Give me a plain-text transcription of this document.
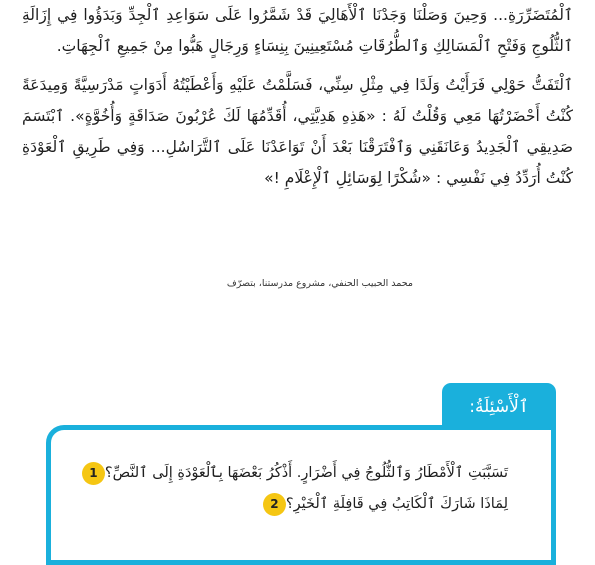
ٱلْمُتَضَرِّرَةِ... وَحِينَ وَصَلْنَا وَجَدْنَا ٱلْأَهَالِيَ قَدْ شَمَّرُوا عَلَى سَوَاعِدِ ٱلْجِدِّ وَبَدَؤُوا فِي إِزَالَةِ ٱلثُّلُوجِ وَفَتْحِ ٱلْمَسَالِكِ وَٱلطُّرُقَاتِ مُسْتَعِينِينَ بِنِسَاءٍ وَرِجَالٍ هَبُّوا مِنْ جَمِيعِ ٱلْجِهَاتِ.

ٱلْتَفَتُّ حَوْلِي فَرَأَيْتُ وَلَدًا فِي مِثْلِ سِنِّي، فَسَلَّمْتُ عَلَيْهِ وَأَعْطَيْتُهُ أَدَوَاتٍ مَدْرَسِيَّةً وَمِيدَعَةً كُنْتُ أَحْضَرْتُهَا مَعِي وَقُلْتُ لَهُ : «هَذِهِ هَدِيَّتِي، أُقَدِّمُهَا لَكَ عُرْبُونَ صَدَاقَةٍ وَأُخُوَّةٍ». ٱبْتَسَمَ صَدِيقِي ٱلْجَدِيدُ وَعَانَقَنِي وَٱفْتَرَقْنَا بَعْدَ أَنْ تَوَاعَدْنَا عَلَى ٱلتَّرَاسُلِ... وَفِي طَرِيقِ ٱلْعَوْدَةِ كُنْتُ أُرَدِّدُ فِي نَفْسِي : «شُكْرًا لِوَسَائِلِ ٱلْإِعْلَامِ !»

محمد الحبيب الحنفي، مشروع مدرستنا، بتصرّف
1 تَسَبَّبَتِ ٱلْأَمْطَارُ وَٱلثُّلُوجُ فِي أَضْرَارٍ. أَذْكُرُ بَعْضَهَا بِٱلْعَوْدَةِ إِلَى ٱلنَّصِّ؟
2 لِمَاذَا شَارَكَ ٱلْكَاتِبُ فِي قَافِلَةِ ٱلْخَيْرِ؟
ٱلْأَسْئِلَةُ:
